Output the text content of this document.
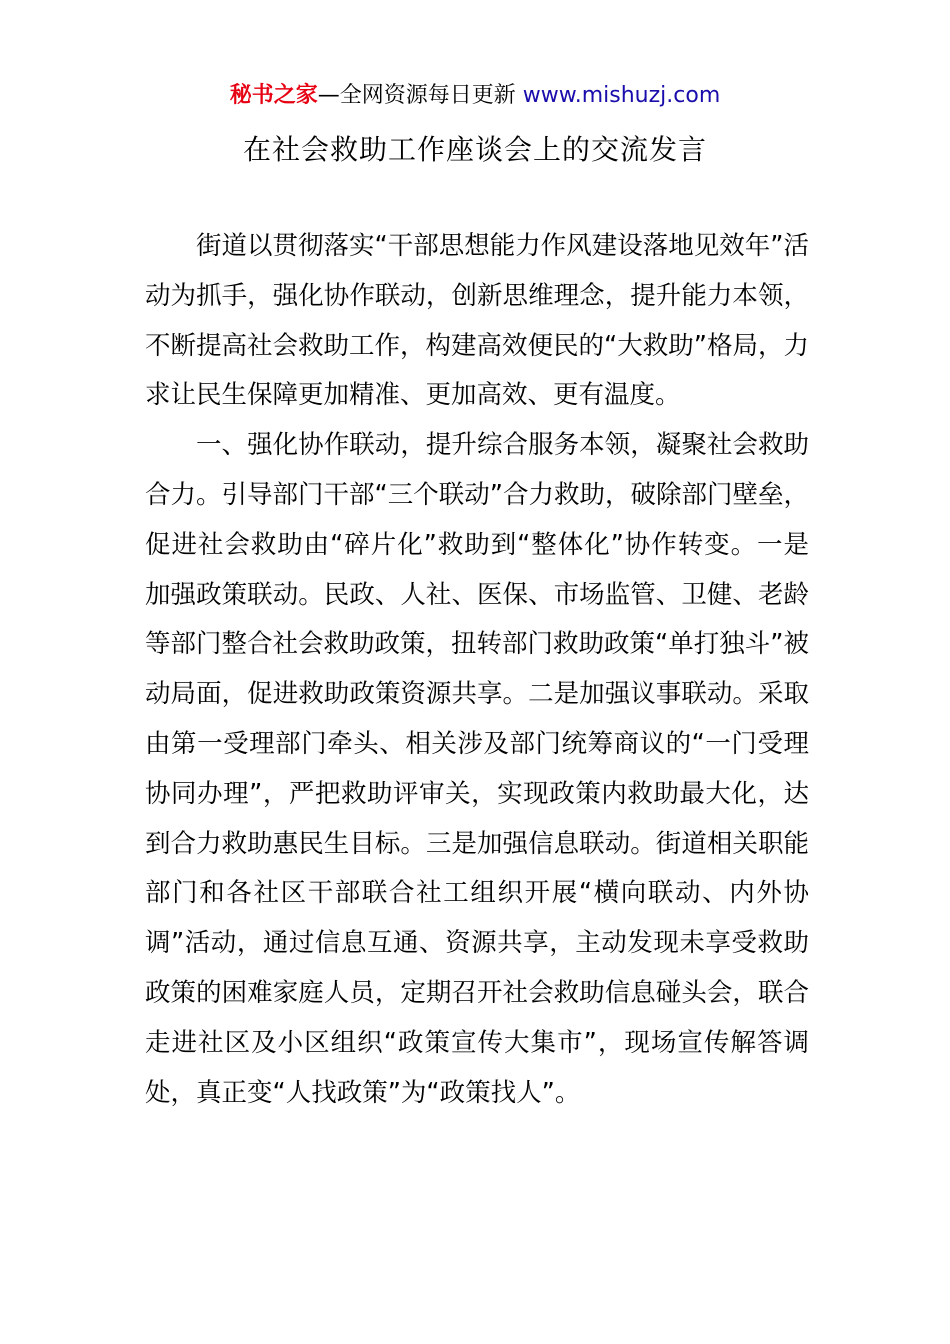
秘书之家—全网资源每日更新 www.mishuzj.com
在社会救助工作座谈会上的交流发言

街道以贯彻落实“干部思想能力作风建设落地见效年”活动为抓手，强化协作联动，创新思维理念，提升能力本领，不断提高社会救助工作，构建高效便民的“大救助”格局，力求让民生保障更加精准、更加高效、更有温度。

一、强化协作联动，提升综合服务本领，凝聚社会救助合力。引导部门干部“三个联动”合力救助，破除部门壁垒，促进社会救助由“碎片化”救助到“整体化”协作转变。一是加强政策联动。民政、人社、医保、市场监管、卫健、老龄等部门整合社会救助政策，扭转部门救助政策“单打独斗”被动局面，促进救助政策资源共享。二是加强议事联动。采取由第一受理部门牵头、相关涉及部门统筹商议的“一门受理协同办理”，严把救助评审关，实现政策内救助最大化，达到合力救助惠民生目标。三是加强信息联动。街道相关职能部门和各社区干部联合社工组织开展“横向联动、内外协调”活动，通过信息互通、资源共享，主动发现未享受救助政策的困难家庭人员，定期召开社会救助信息碰头会，联合走进社区及小区组织“政策宣传大集市”，现场宣传解答调处，真正变“人找政策”为“政策找人”。
